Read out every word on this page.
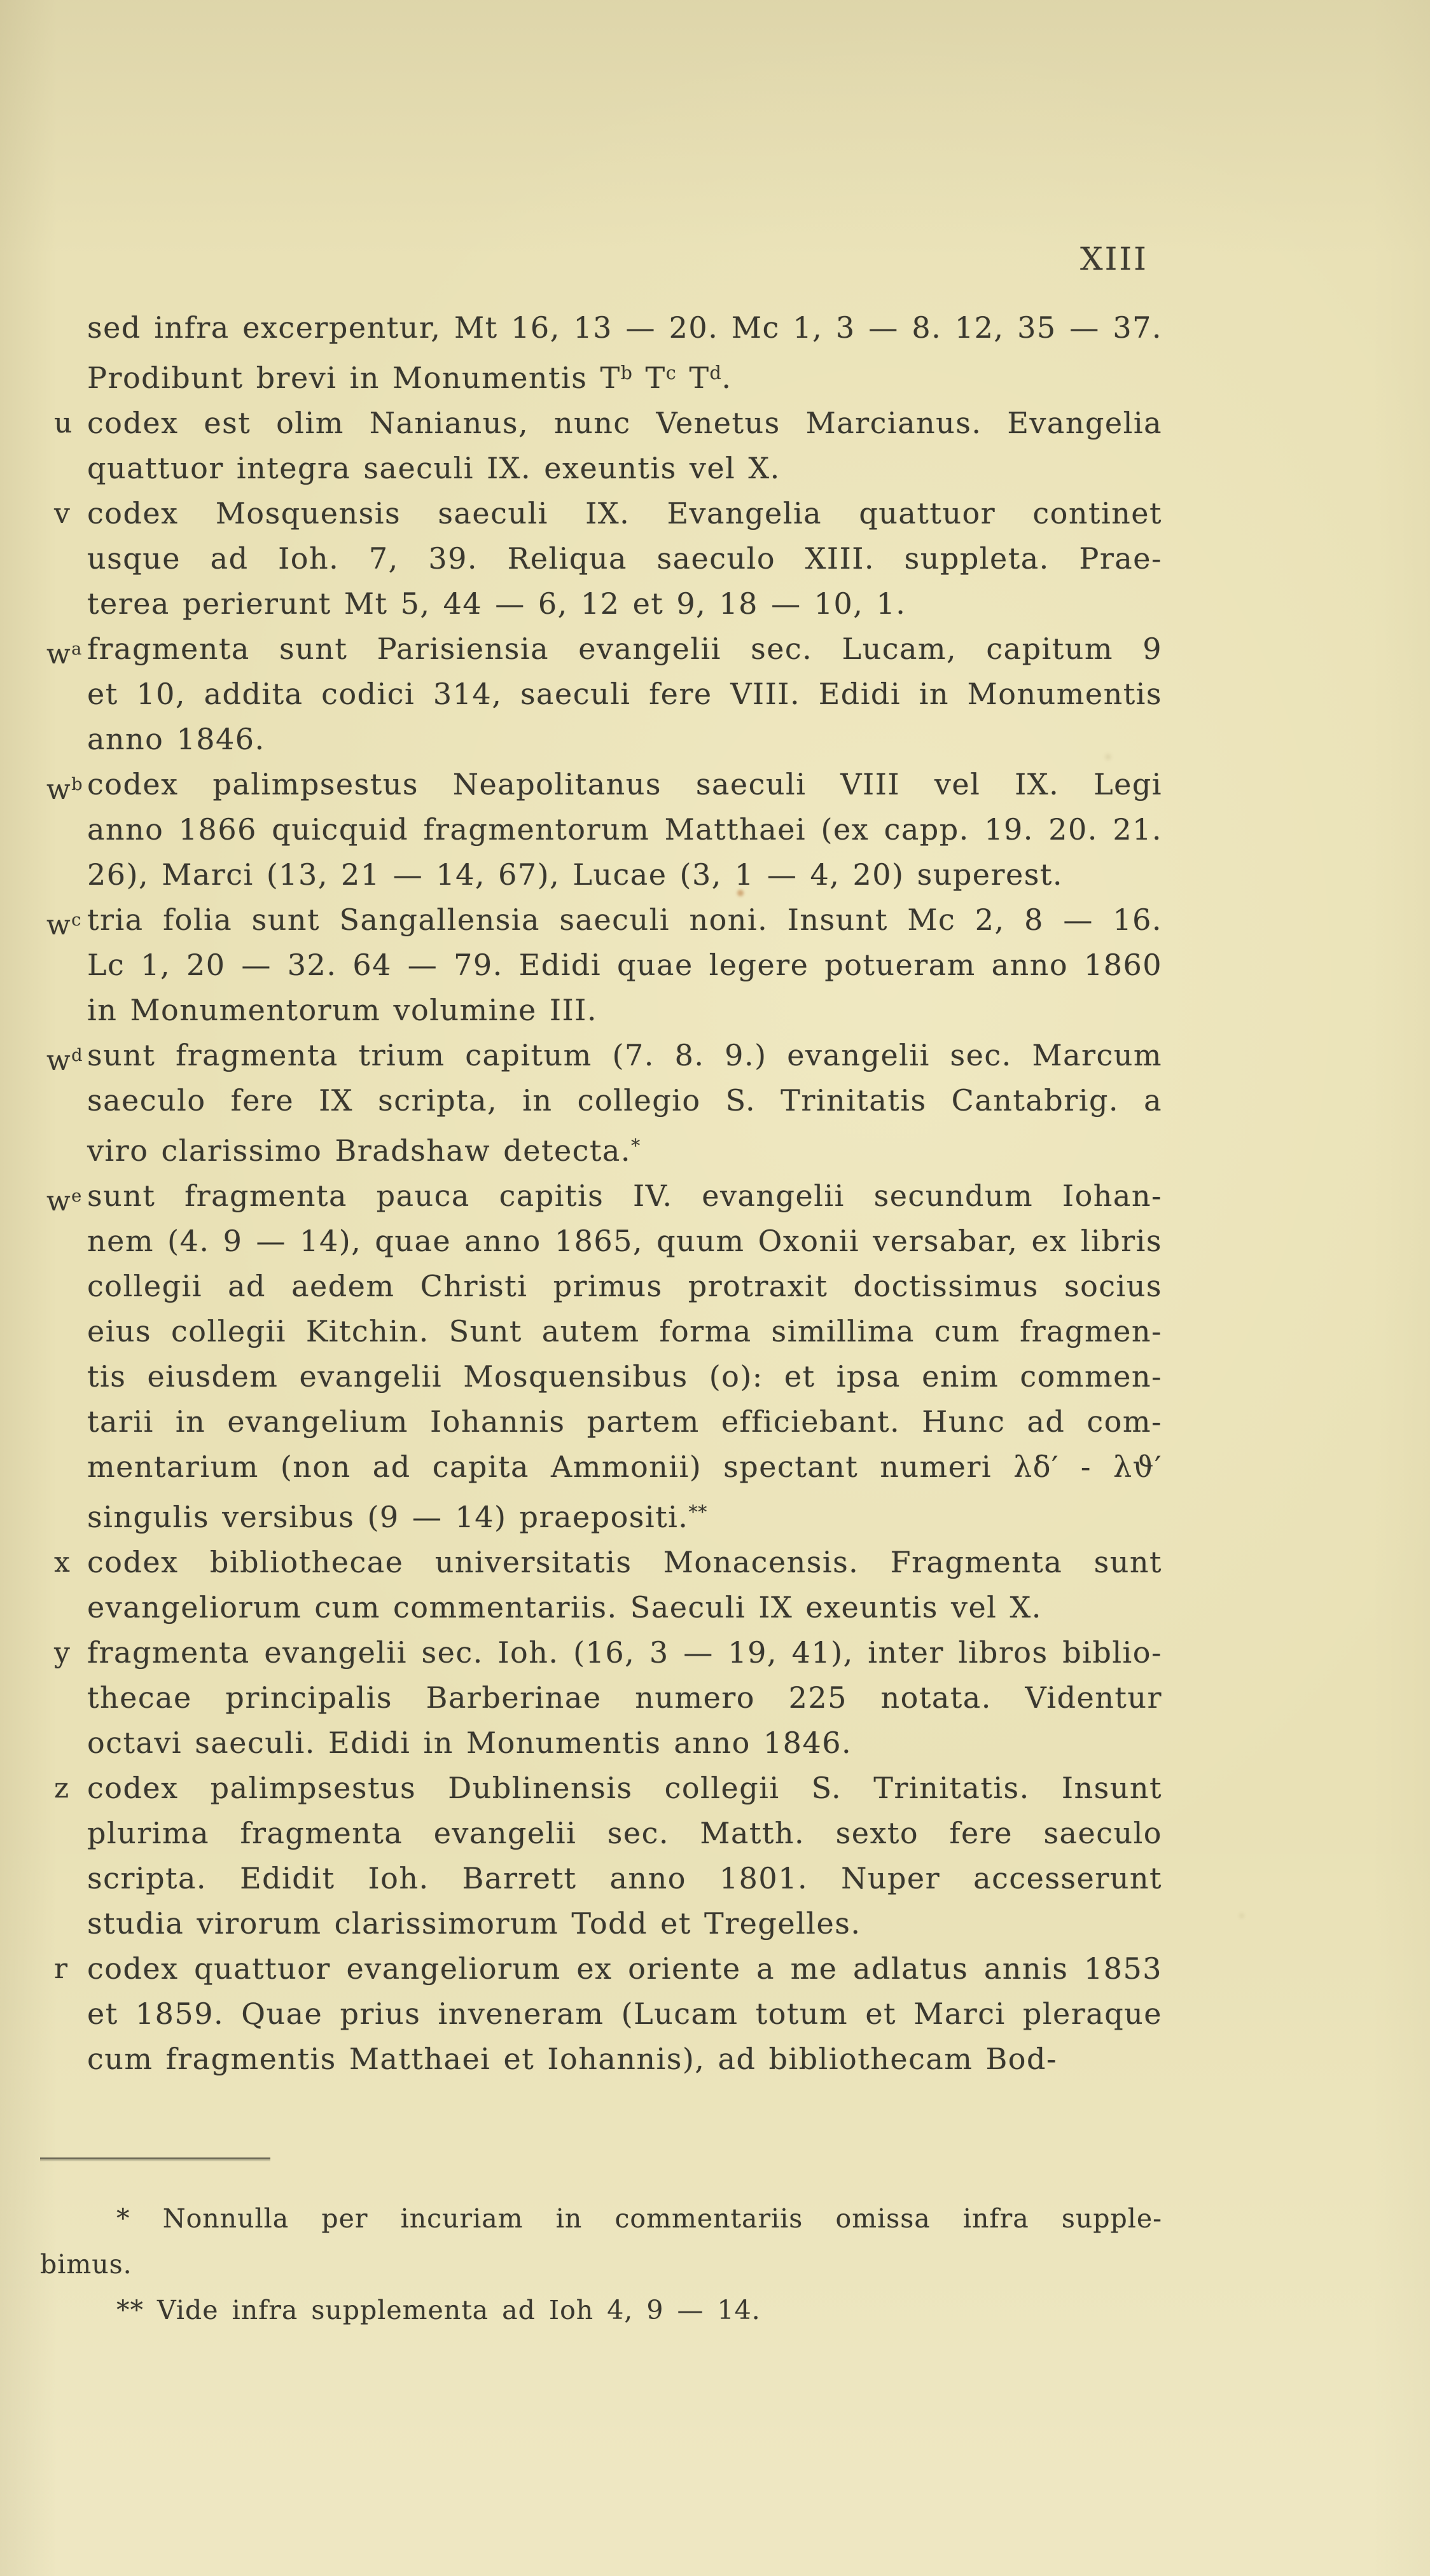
XIII
sed infra excerpentur, Mt 16, 13 — 20. Mc 1, 3 — 8. 12, 35 — 37.
Prodibunt brevi in Monumentis $T^b$ $T^c$ $T^d$.
u codex est olim Nanianus, nunc Venetus Marcianus. Evangelia
quattuor integra saeculi IX. exeuntis vel X.
v codex Mosquensis saeculi IX. Evangelia quattuor continet
usque ad Ioh. 7, 39. Reliqua saeculo XIII. suppleta. Prae-
terea perierunt Mt 5, 44 — 6, 12 et 9, 18 — 10, 1.
$w^a$ fragmenta sunt Parisiensia evangelii sec. Lucam, capitum 9
et 10, addita codici 314, saeculi fere VIII. Edidi in Monumentis
anno 1846.
$w^b$ codex palimpsestus Neapolitanus saeculi VIII vel IX. Legi
anno 1866 quicquid fragmentorum Matthaei (ex capp. 19. 20. 21.
26), Marci (13, 21 — 14, 67), Lucae (3, 1 — 4, 20) superest.
$w^c$ tria folia sunt Sangallensia saeculi noni. Insunt Mc 2, 8 — 16.
Lc 1, 20 — 32. 64 — 79. Edidi quae legere potueram anno 1860
in Monumentorum volumine III.
$w^d$ sunt fragmenta trium capitum (7. 8. 9.) evangelii sec. Marcum
saeculo fere IX scripta, in collegio S. Trinitatis Cantabrig. a
viro clarissimo Bradshaw detecta.*
$w^e$ sunt fragmenta pauca capitis IV. evangelii secundum Iohan-
nem (4. 9 — 14), quae anno 1865, quum Oxonii versabar, ex libris
collegii ad aedem Christi primus protraxit doctissimus socius
eius collegii Kitchin. Sunt autem forma simillima cum fragmen-
tis eiusdem evangelii Mosquensibus (o): et ipsa enim commen-
tarii in evangelium Iohannis partem efficiebant. Hunc ad com-
mentarium (non ad capita Ammonii) spectant numeri λδ′ - λϑ′
singulis versibus (9 — 14) praepositi.**
x codex bibliothecae universitatis Monacensis. Fragmenta sunt
evangeliorum cum commentariis. Saeculi IX exeuntis vel X.
y fragmenta evangelii sec. Ioh. (16, 3 — 19, 41), inter libros biblio-
thecae principalis Barberinae numero 225 notata. Videntur
octavi saeculi. Edidi in Monumentis anno 1846.
z codex palimpsestus Dublinensis collegii S. Trinitatis. Insunt
plurima fragmenta evangelii sec. Matth. sexto fere saeculo
scripta. Edidit Ioh. Barrett anno 1801. Nuper accesserunt
studia virorum clarissimorum Todd et Tregelles.
r codex quattuor evangeliorum ex oriente a me adlatus annis 1853
et 1859. Quae prius inveneram (Lucam totum et Marci pleraque
cum fragmentis Matthaei et Iohannis), ad bibliothecam Bod-
* Nonnulla per incuriam in commentariis omissa infra supple-
bimus.
** Vide infra supplementa ad Ioh 4, 9 — 14.
